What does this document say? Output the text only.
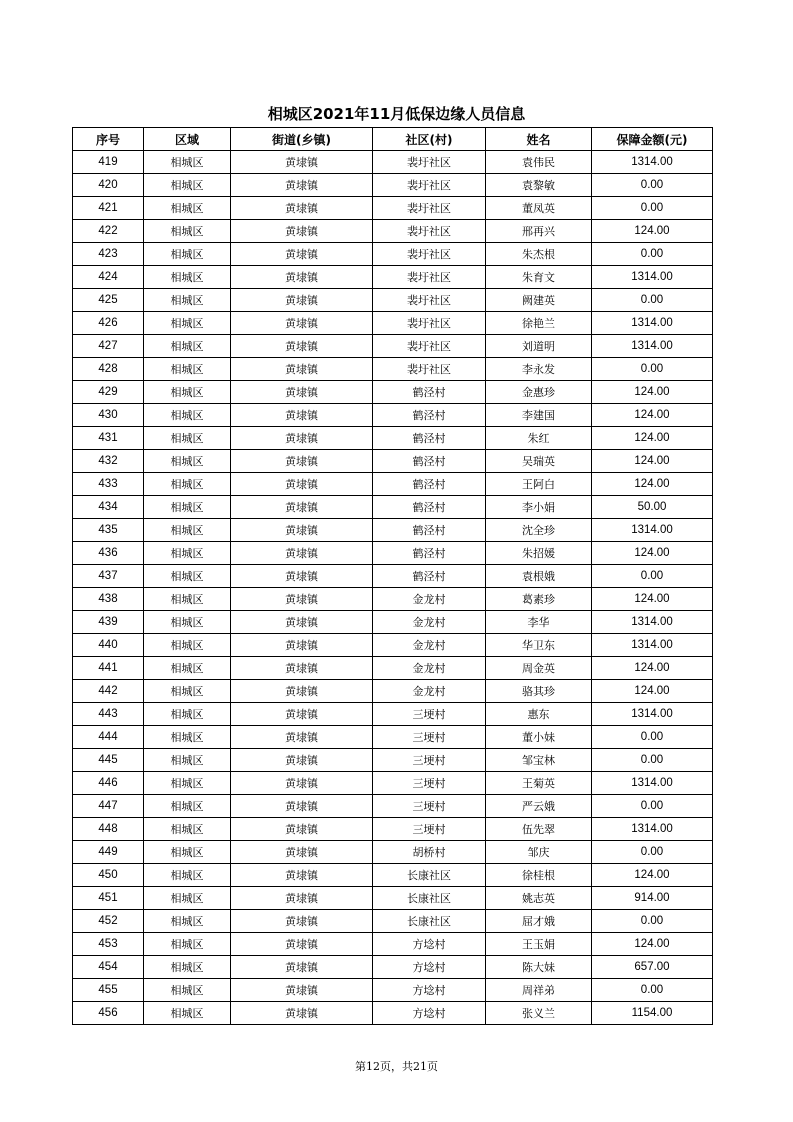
相城区2021年11月低保边缘人员信息
序号	区域	街道(乡镇)	社区(村)	姓名	保障金额(元)
419	相城区	黄埭镇	裴圩社区	袁伟民	1314.00
420	相城区	黄埭镇	裴圩社区	袁黎敏	0.00
421	相城区	黄埭镇	裴圩社区	董凤英	0.00
422	相城区	黄埭镇	裴圩社区	邢再兴	124.00
423	相城区	黄埭镇	裴圩社区	朱杰根	0.00
424	相城区	黄埭镇	裴圩社区	朱育文	1314.00
425	相城区	黄埭镇	裴圩社区	阙建英	0.00
426	相城区	黄埭镇	裴圩社区	徐艳兰	1314.00
427	相城区	黄埭镇	裴圩社区	刘道明	1314.00
428	相城区	黄埭镇	裴圩社区	李永发	0.00
429	相城区	黄埭镇	鹤泾村	金惠珍	124.00
430	相城区	黄埭镇	鹤泾村	李建国	124.00
431	相城区	黄埭镇	鹤泾村	朱红	124.00
432	相城区	黄埭镇	鹤泾村	吴瑞英	124.00
433	相城区	黄埭镇	鹤泾村	王阿白	124.00
434	相城区	黄埭镇	鹤泾村	李小娟	50.00
435	相城区	黄埭镇	鹤泾村	沈全珍	1314.00
436	相城区	黄埭镇	鹤泾村	朱招媛	124.00
437	相城区	黄埭镇	鹤泾村	袁根娥	0.00
438	相城区	黄埭镇	金龙村	葛素珍	124.00
439	相城区	黄埭镇	金龙村	李华	1314.00
440	相城区	黄埭镇	金龙村	华卫东	1314.00
441	相城区	黄埭镇	金龙村	周金英	124.00
442	相城区	黄埭镇	金龙村	骆其珍	124.00
443	相城区	黄埭镇	三埂村	惠东	1314.00
444	相城区	黄埭镇	三埂村	董小妹	0.00
445	相城区	黄埭镇	三埂村	邹宝林	0.00
446	相城区	黄埭镇	三埂村	王菊英	1314.00
447	相城区	黄埭镇	三埂村	严云娥	0.00
448	相城区	黄埭镇	三埂村	伍先翠	1314.00
449	相城区	黄埭镇	胡桥村	邹庆	0.00
450	相城区	黄埭镇	长康社区	徐桂根	124.00
451	相城区	黄埭镇	长康社区	姚志英	914.00
452	相城区	黄埭镇	长康社区	屈才娥	0.00
453	相城区	黄埭镇	方埝村	王玉娟	124.00
454	相城区	黄埭镇	方埝村	陈大妹	657.00
455	相城区	黄埭镇	方埝村	周祥弟	0.00
456	相城区	黄埭镇	方埝村	张义兰	1154.00
第12页，共21页
